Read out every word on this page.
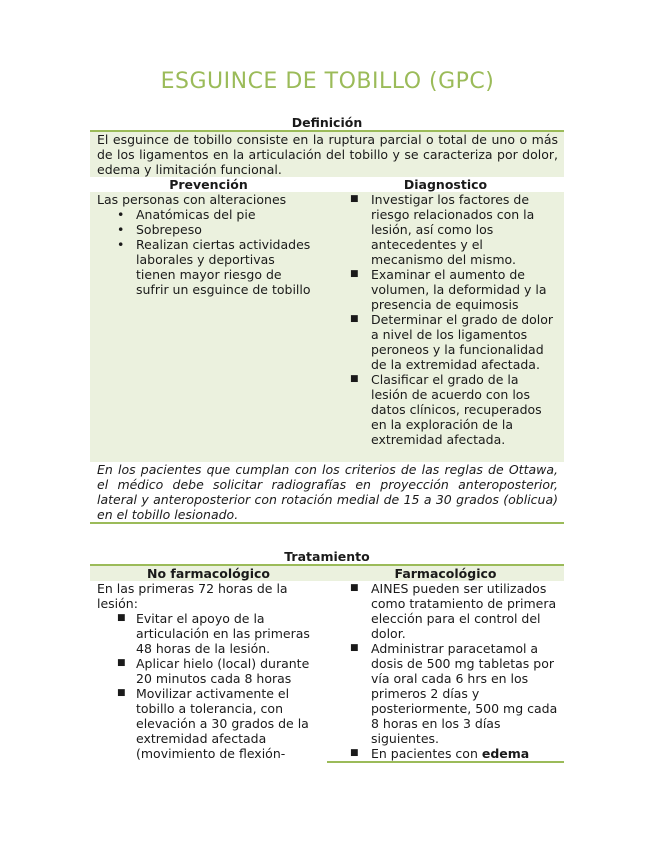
ESGUINCE DE TOBILLO (GPC)
Definición
El esguince de tobillo consiste en la ruptura parcial o total de uno o más de los ligamentos en la articulación del tobillo y se caracteriza por dolor, edema y limitación funcional.
Prevención	Diagnostico
Las personas con alteraciones
• Anatómicas del pie
• Sobrepeso
• Realizan ciertas actividades laborales y deportivas tienen mayor riesgo de sufrir un esguince de tobillo
■ Investigar los factores de riesgo relacionados con la lesión, así como los antecedentes y el mecanismo del mismo.
■ Examinar el aumento de volumen, la deformidad y la presencia de equimosis
■ Determinar el grado de dolor a nivel de los ligamentos peroneos y la funcionalidad de la extremidad afectada.
■ Clasificar el grado de la lesión de acuerdo con los datos clínicos, recuperados en la exploración de la extremidad afectada.
En los pacientes que cumplan con los criterios de las reglas de Ottawa, el médico debe solicitar radiografías en proyección anteroposterior, lateral y anteroposterior con rotación medial de 15 a 30 grados (oblicua) en el tobillo lesionado.
Tratamiento
No farmacológico	Farmacológico
En las primeras 72 horas de la lesión:
■ Evitar el apoyo de la articulación en las primeras 48 horas de la lesión.
■ Aplicar hielo (local) durante 20 minutos cada 8 horas
■ Movilizar activamente el tobillo a tolerancia, con elevación a 30 grados de la extremidad afectada (movimiento de flexión-
■ AINES pueden ser utilizados como tratamiento de primera elección para el control del dolor.
■ Administrar paracetamol a dosis de 500 mg tabletas por vía oral cada 6 hrs en los primeros 2 días y posteriormente, 500 mg cada 8 horas en los 3 días siguientes.
■ En pacientes con edema
